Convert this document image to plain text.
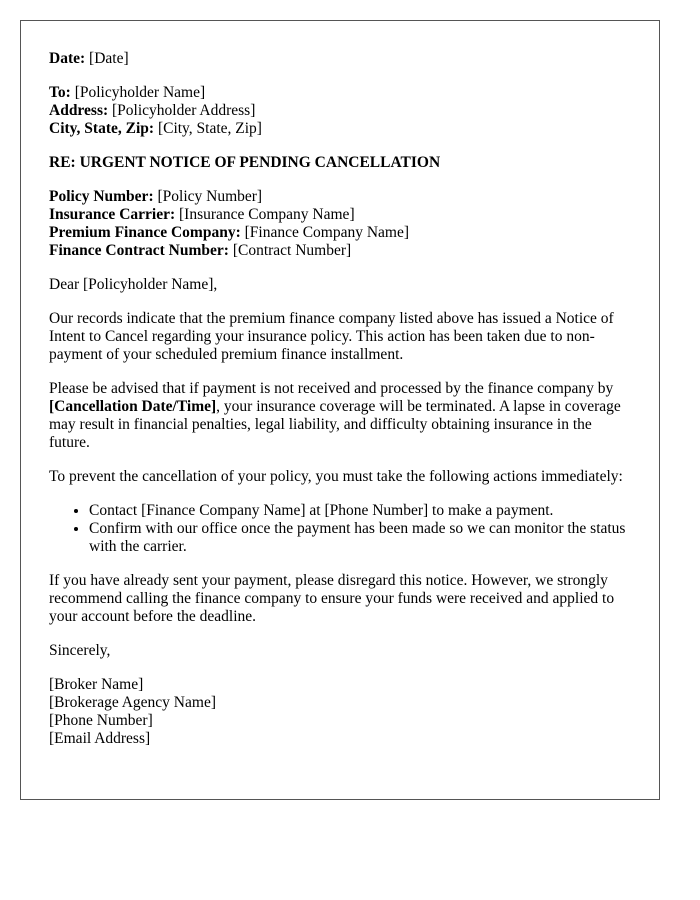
Date: [Date]

To: [Policyholder Name]

Address: [Policyholder Address]

City, State, Zip: [City, State, Zip]

RE: URGENT NOTICE OF PENDING CANCELLATION

Policy Number: [Policy Number]

Insurance Carrier: [Insurance Company Name]

Premium Finance Company: [Finance Company Name]

Finance Contract Number: [Contract Number]

Dear [Policyholder Name],

Our records indicate that the premium finance company listed above has issued a Notice of Intent to Cancel regarding your insurance policy. This action has been taken due to non-payment of your scheduled premium finance installment.

Please be advised that if payment is not received and processed by the finance company by [Cancellation Date/Time], your insurance coverage will be terminated. A lapse in coverage may result in financial penalties, legal liability, and difficulty obtaining insurance in the future.

To prevent the cancellation of your policy, you must take the following actions immediately:

• Contact [Finance Company Name] at [Phone Number] to make a payment.
• Confirm with our office once the payment has been made so we can monitor the status with the carrier.

If you have already sent your payment, please disregard this notice. However, we strongly recommend calling the finance company to ensure your funds were received and applied to your account before the deadline.

Sincerely,

[Broker Name]

[Brokerage Agency Name]

[Phone Number]

[Email Address]
